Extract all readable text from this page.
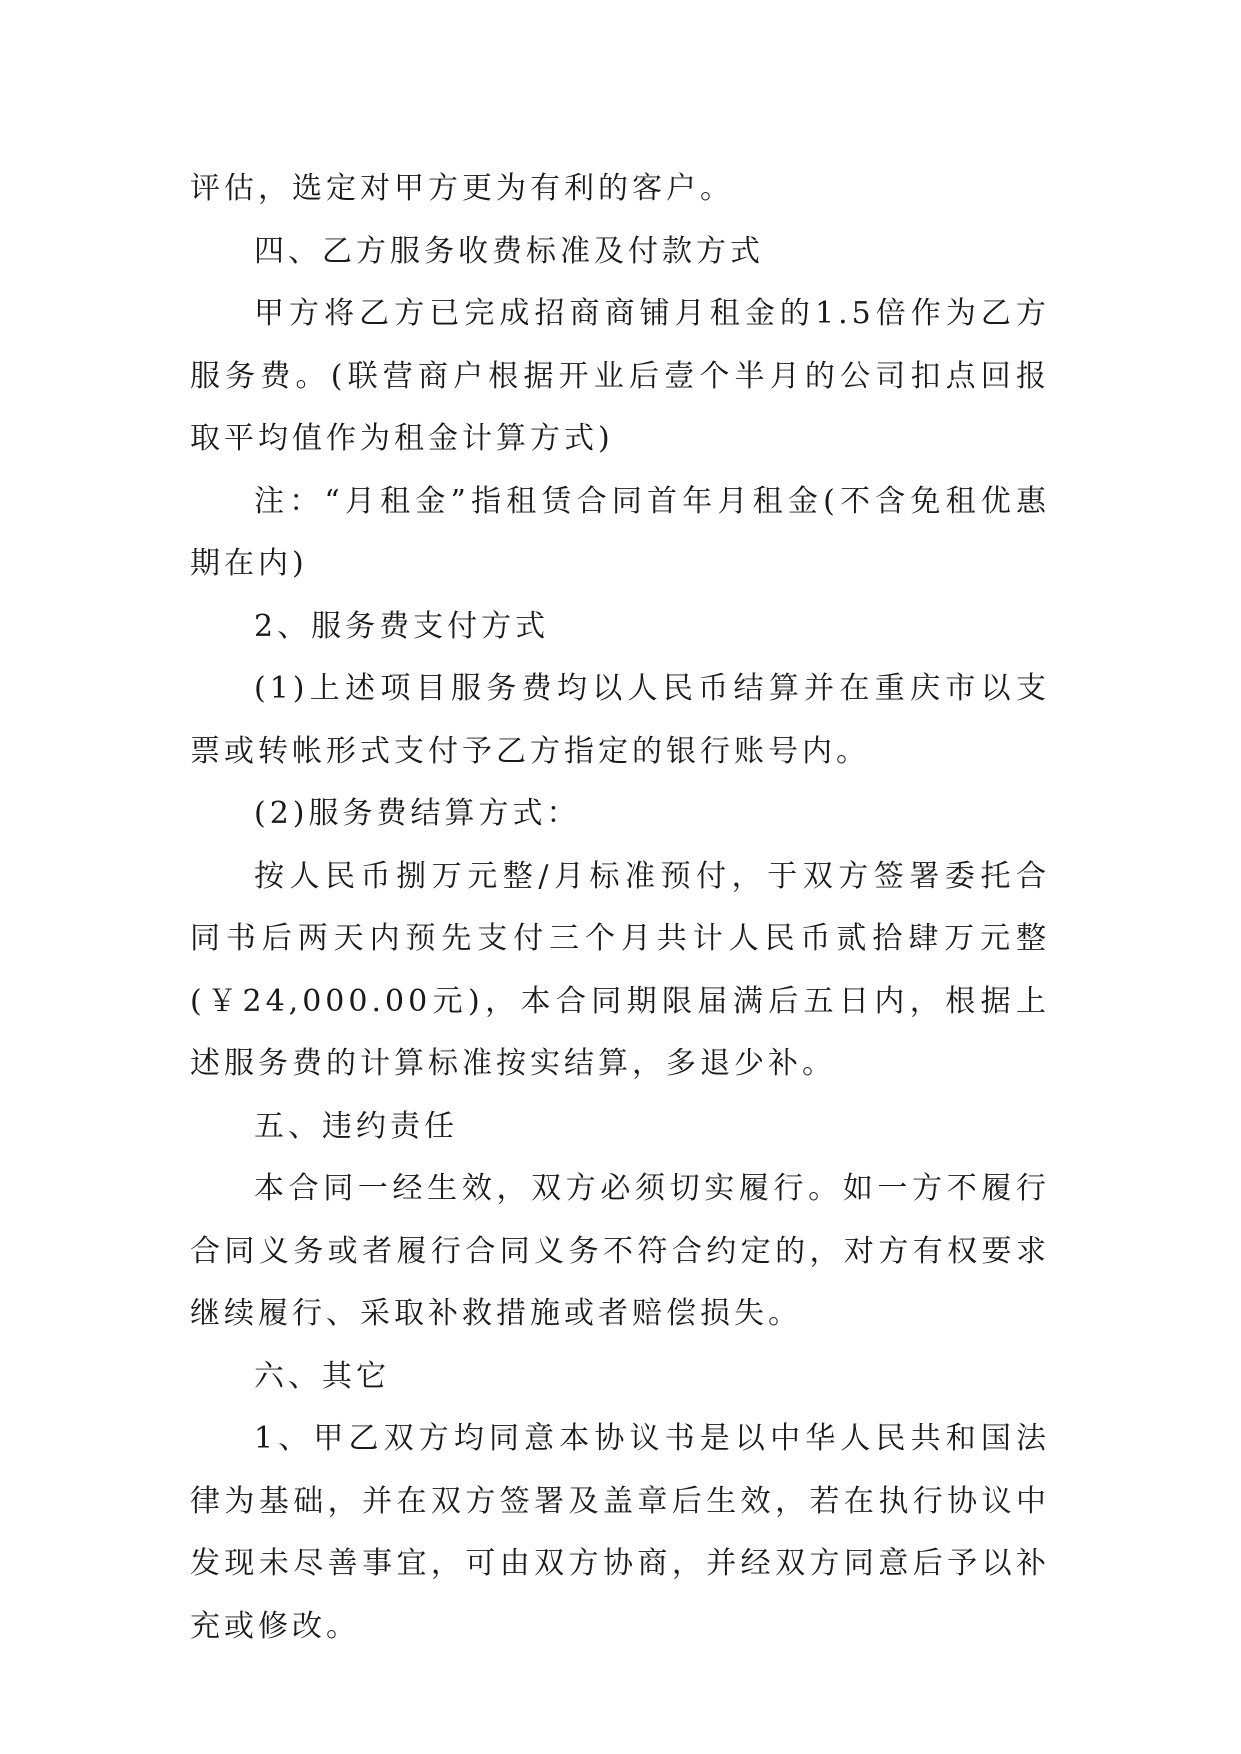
评估，选定对甲方更为有利的客户。

四、乙方服务收费标准及付款方式

甲方将乙方已完成招商商铺月租金的1.5倍作为乙方服务费。(联营商户根据开业后壹个半月的公司扣点回报取平均值作为租金计算方式)

注：“月租金”指租赁合同首年月租金(不含免租优惠期在内)

2、服务费支付方式

(1)上述项目服务费均以人民币结算并在重庆市以支票或转帐形式支付予乙方指定的银行账号内。

(2)服务费结算方式：

按人民币捌万元整/月标准预付，于双方签署委托合同书后两天内预先支付三个月共计人民币贰拾肆万元整(￥24,000.00元)，本合同期限届满后五日内，根据上述服务费的计算标准按实结算，多退少补。

五、违约责任

本合同一经生效，双方必须切实履行。如一方不履行合同义务或者履行合同义务不符合约定的，对方有权要求继续履行、采取补救措施或者赔偿损失。

六、其它

1、甲乙双方均同意本协议书是以中华人民共和国法律为基础，并在双方签署及盖章后生效，若在执行协议中发现未尽善事宜，可由双方协商，并经双方同意后予以补充或修改。
